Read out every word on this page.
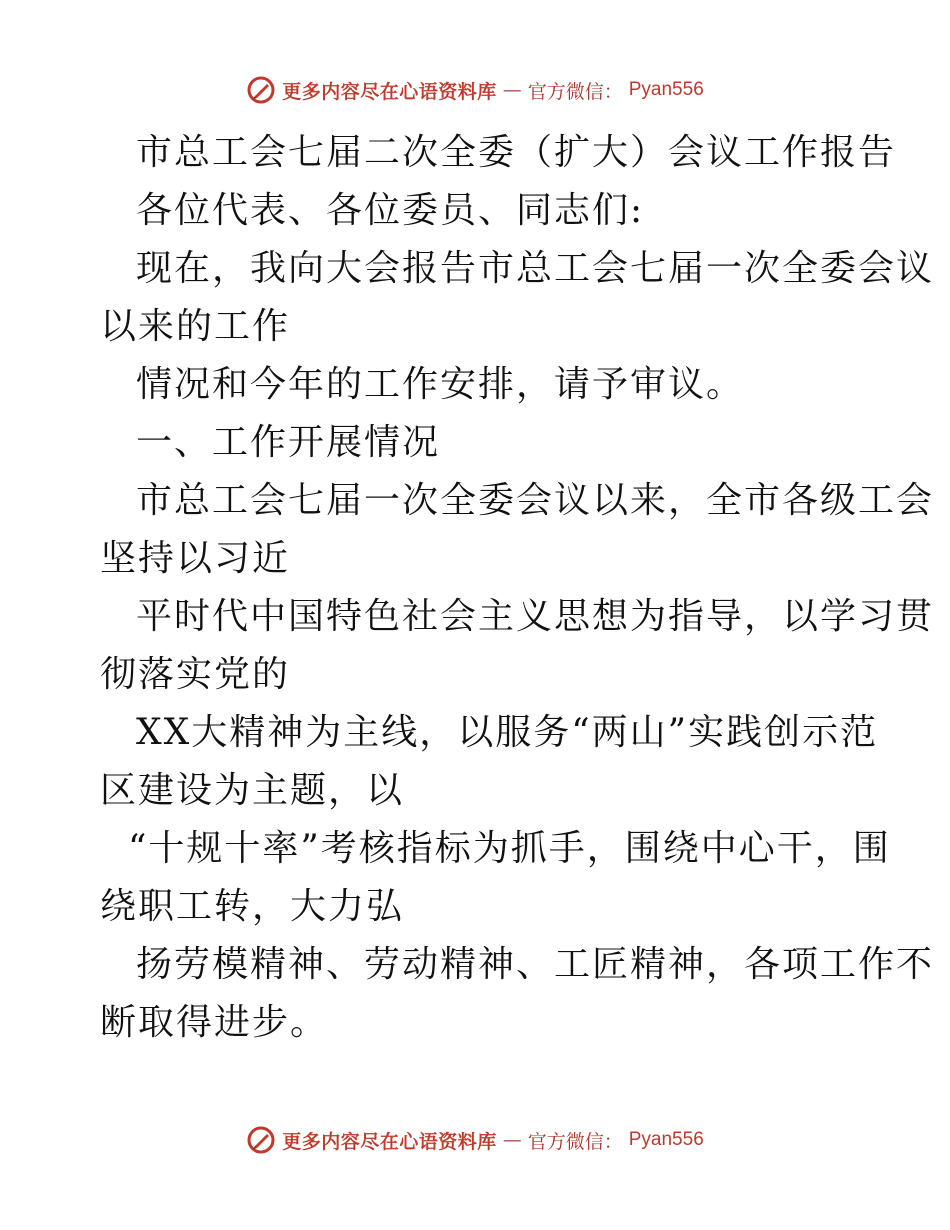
更多内容尽在心语资料库 — 官方微信： Pyan556
市总工会七届二次全委（扩大）会议工作报告
各位代表、各位委员、同志们:
现在，我向大会报告市总工会七届一次全委会议
以来的工作
情况和今年的工作安排，请予审议。
一、工作开展情况
市总工会七届一次全委会议以来，全市各级工会
坚持以习近
平时代中国特色社会主义思想为指导，以学习贯
彻落实党的
XX大精神为主线，以服务“两山”实践创示范
区建设为主题，以
“十规十率”考核指标为抓手，围绕中心干，围
绕职工转，大力弘
扬劳模精神、劳动精神、工匠精神，各项工作不
断取得进步。
更多内容尽在心语资料库 — 官方微信： Pyan556
